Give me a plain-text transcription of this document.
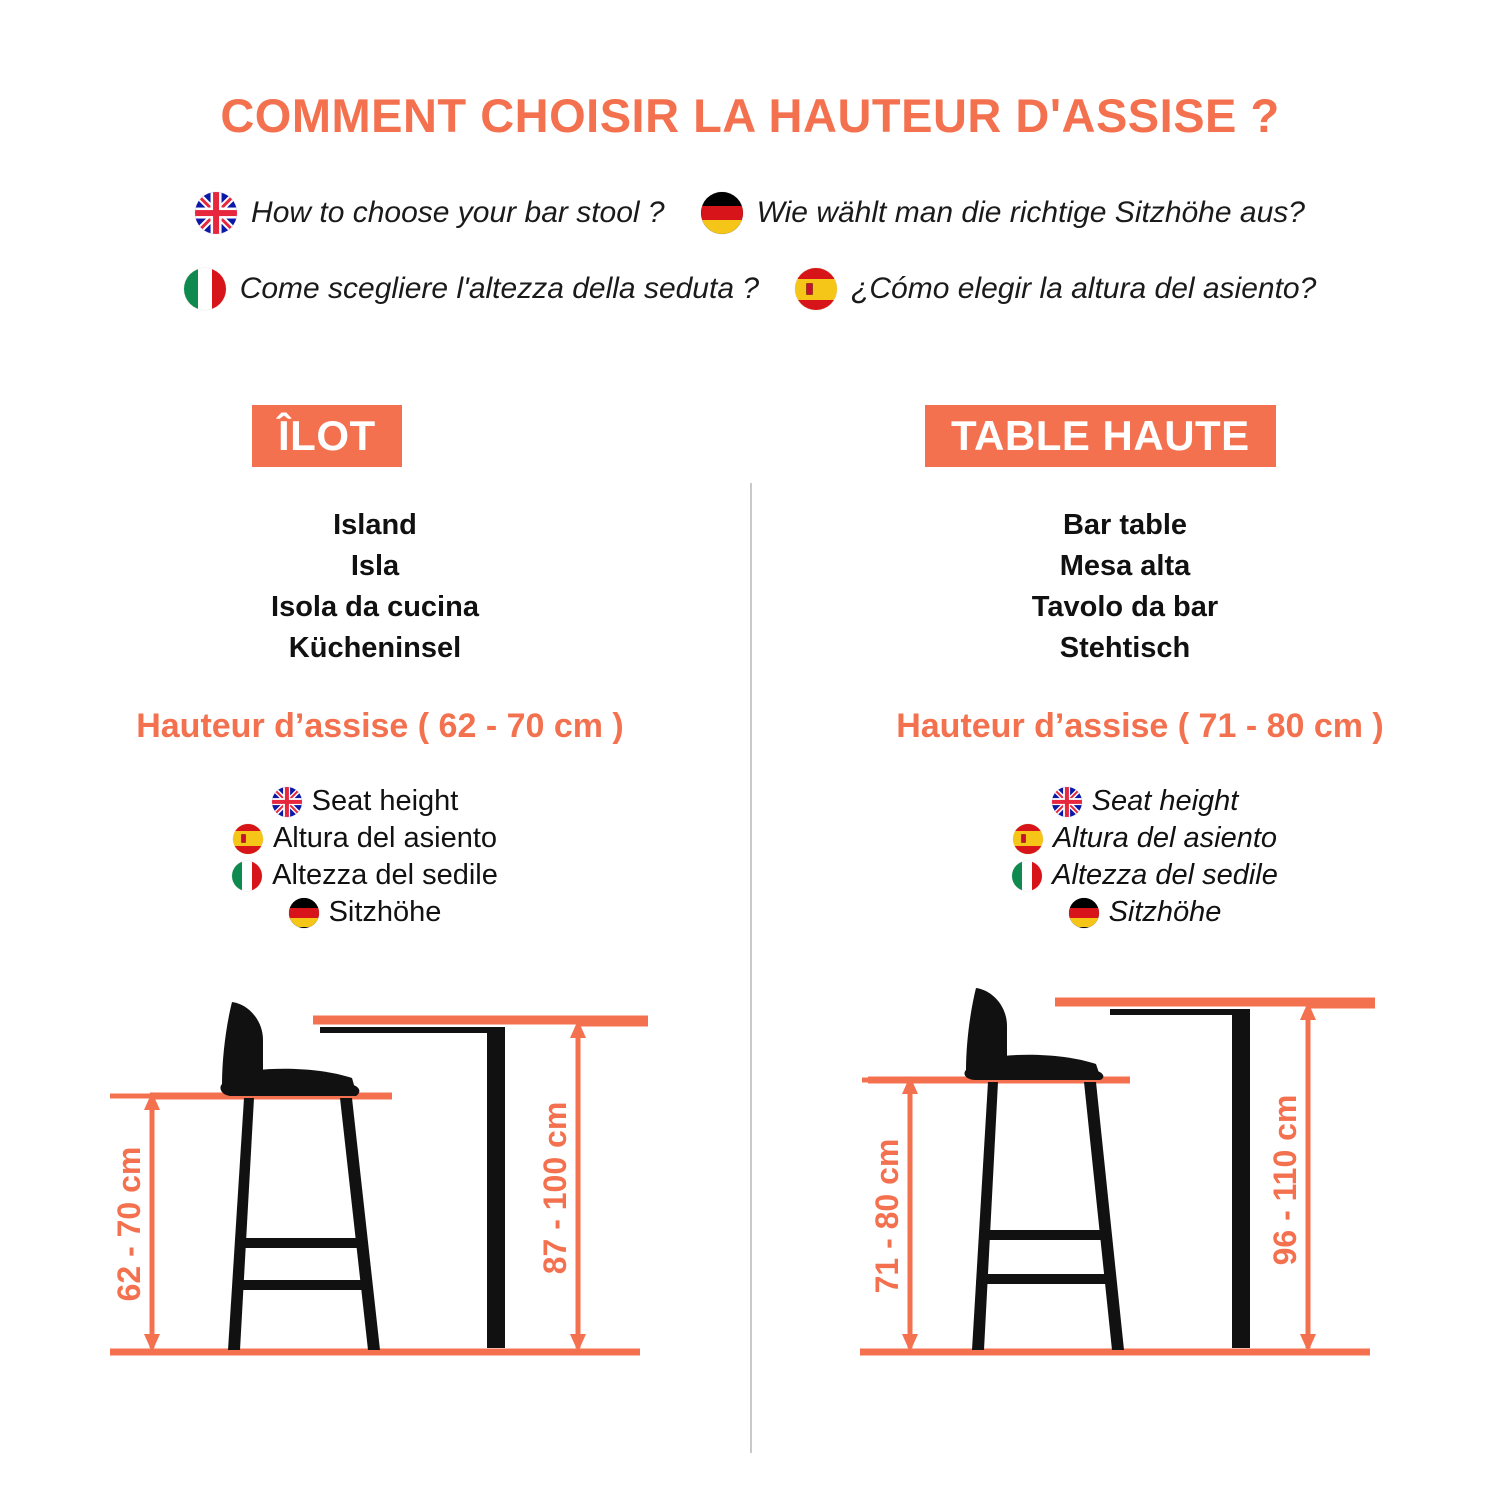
COMMENT CHOISIR LA HAUTEUR D'ASSISE ?
How to choose your bar stool ?	Wie wählt man die richtige Sitzhöhe aus?
Come scegliere l'altezza della seduta ?	¿Cómo elegir la altura del asiento?
ÎLOT
Island
Isla
Isola da cucina
Kücheninsel
Hauteur d’assise ( 62 - 70 cm )
Seat height
Altura del asiento
Altezza del sedile
Sitzhöhe
62 - 70 cm	87 - 100 cm
TABLE HAUTE
Bar table
Mesa alta
Tavolo da bar
Stehtisch
Hauteur d’assise ( 71 - 80 cm )
Seat height
Altura del asiento
Altezza del sedile
Sitzhöhe
71 - 80 cm	96 - 110 cm
